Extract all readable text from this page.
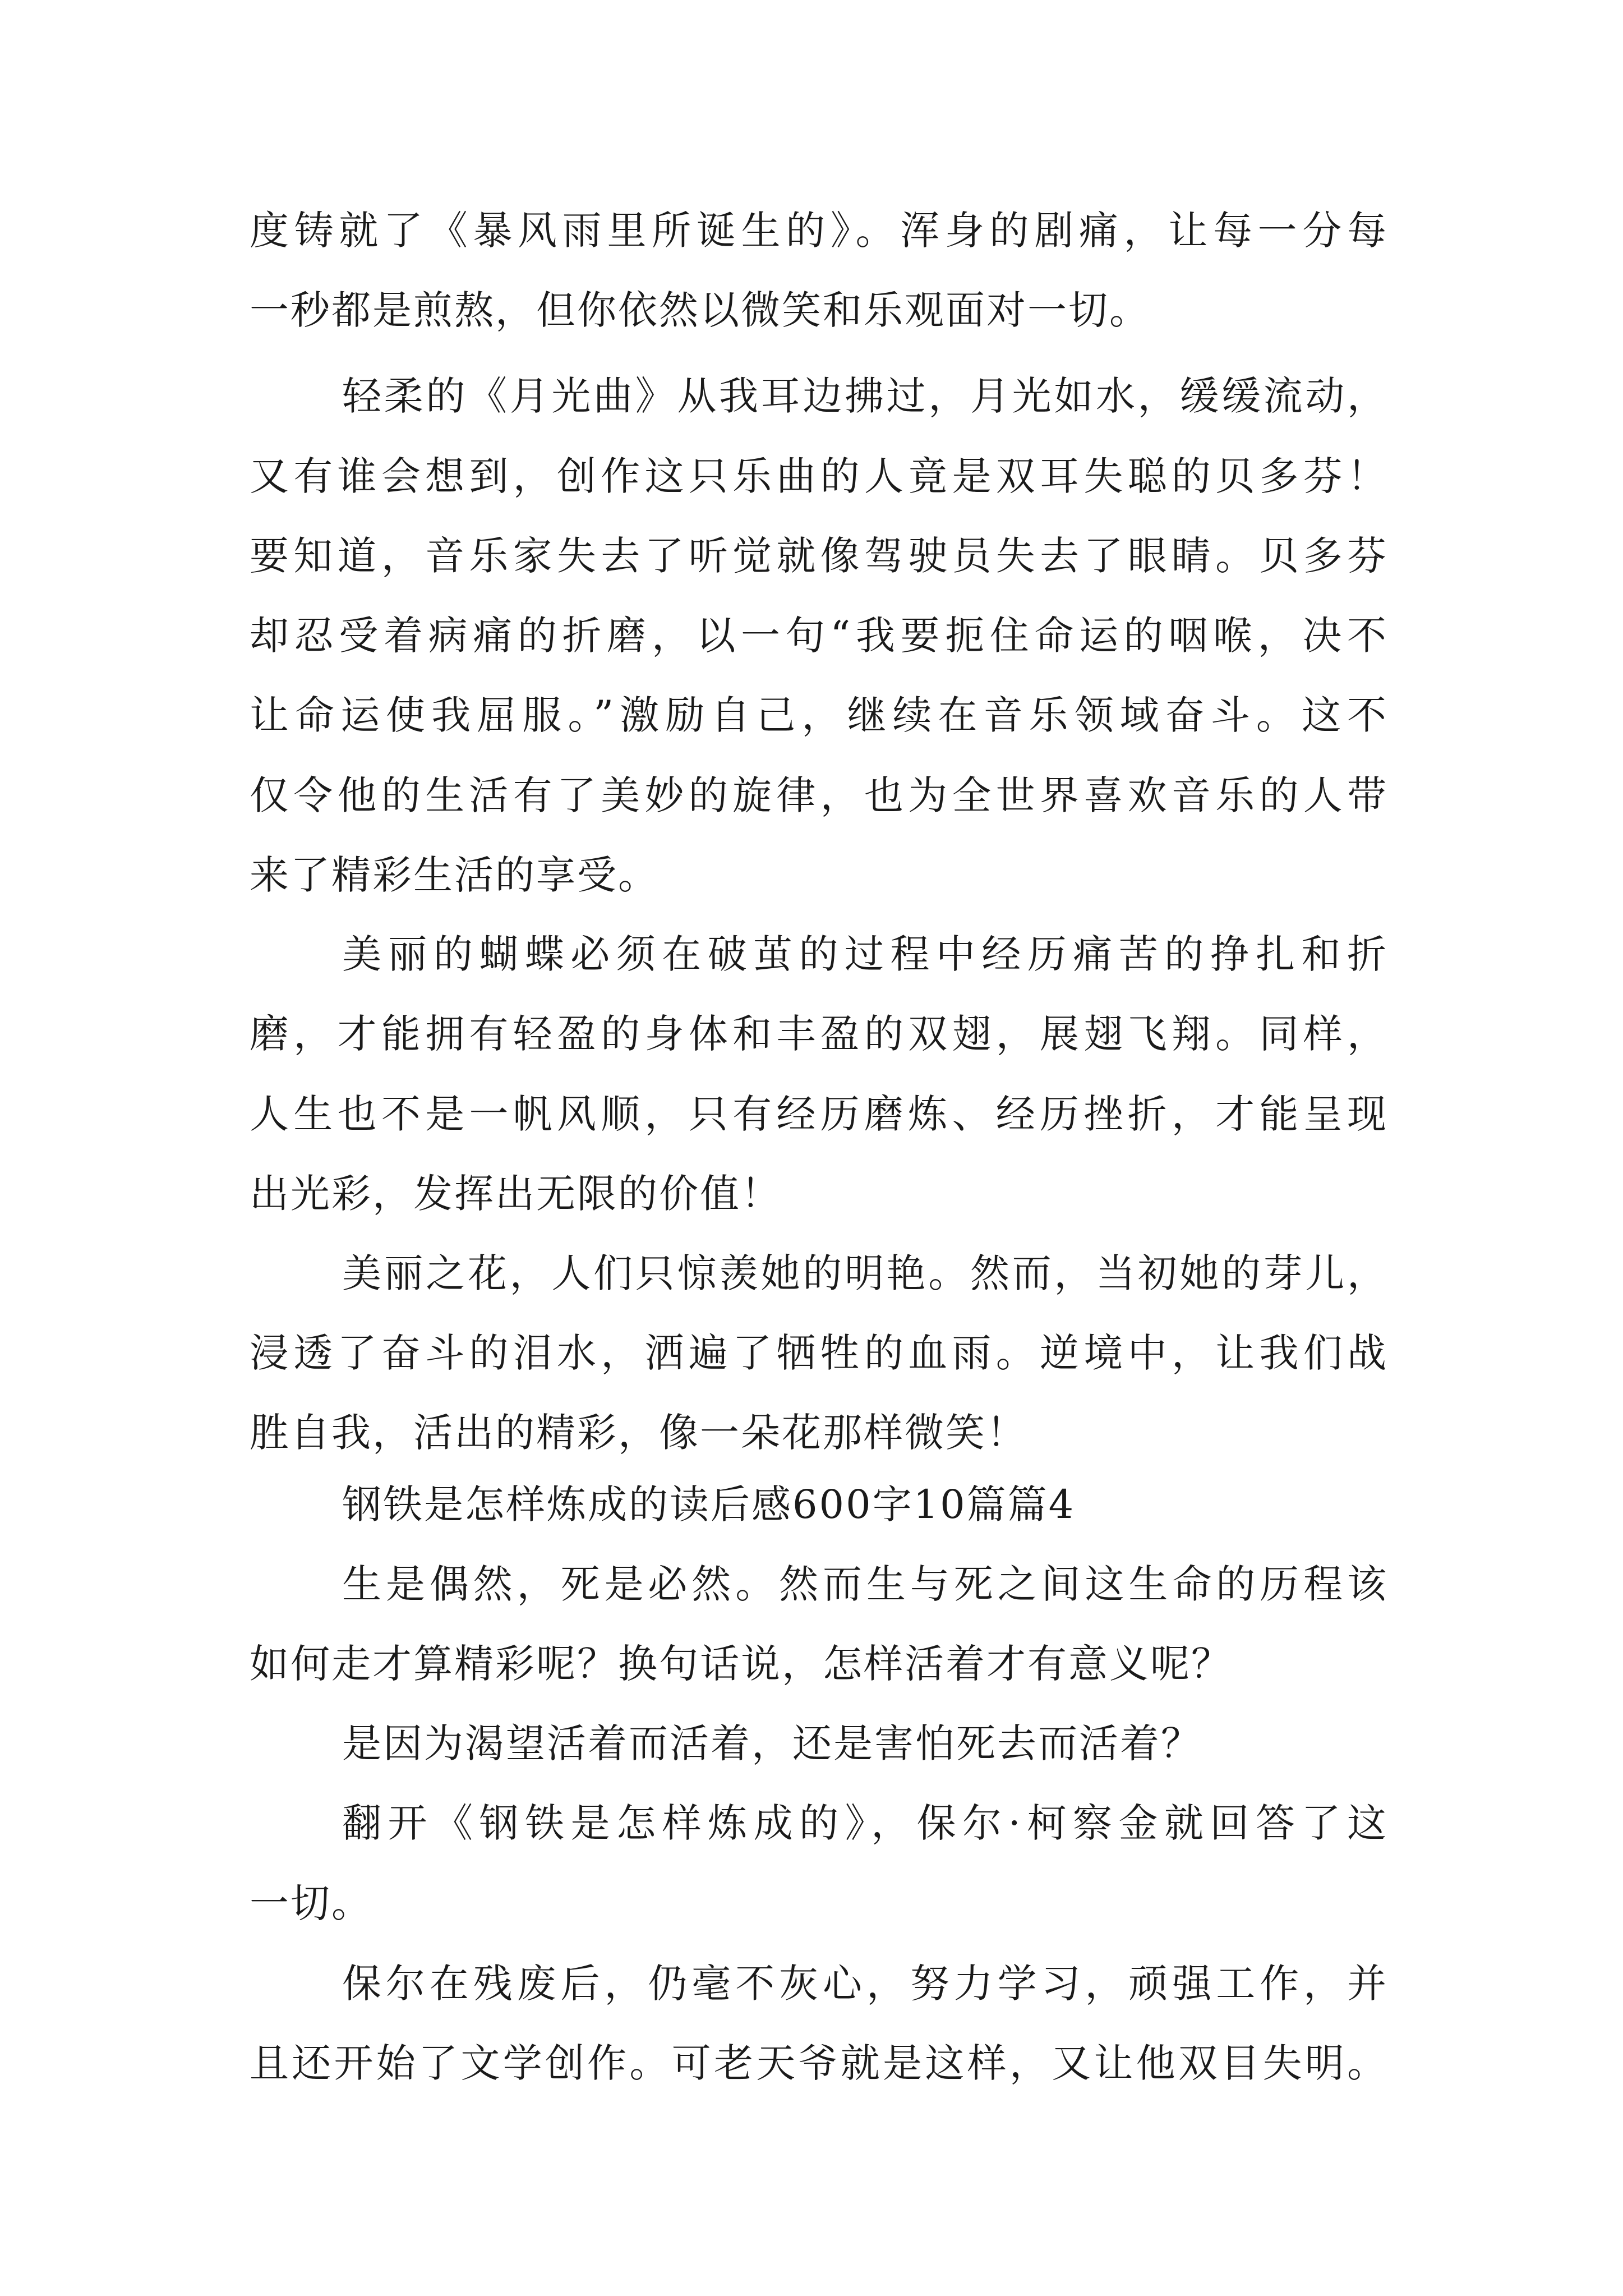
度铸就了《暴风雨里所诞生的》。浑身的剧痛，让每一分每
一秒都是煎熬，但你依然以微笑和乐观面对一切。
轻柔的《月光曲》从我耳边拂过，月光如水，缓缓流动，
又有谁会想到，创作这只乐曲的人竟是双耳失聪的贝多芬！
要知道，音乐家失去了听觉就像驾驶员失去了眼睛。贝多芬
却忍受着病痛的折磨，以一句“我要扼住命运的咽喉，决不
让命运使我屈服。”激励自己，继续在音乐领域奋斗。这不
仅令他的生活有了美妙的旋律，也为全世界喜欢音乐的人带
来了精彩生活的享受。
美丽的蝴蝶必须在破茧的过程中经历痛苦的挣扎和折
磨，才能拥有轻盈的身体和丰盈的双翅，展翅飞翔。同样，
人生也不是一帆风顺，只有经历磨炼、经历挫折，才能呈现
出光彩，发挥出无限的价值！
美丽之花，人们只惊羡她的明艳。然而，当初她的芽儿，
浸透了奋斗的泪水，洒遍了牺牲的血雨。逆境中，让我们战
胜自我，活出的精彩，像一朵花那样微笑！
钢铁是怎样炼成的读后感600字10篇篇4
生是偶然，死是必然。然而生与死之间这生命的历程该
如何走才算精彩呢？换句话说，怎样活着才有意义呢？
是因为渴望活着而活着，还是害怕死去而活着？
翻开《钢铁是怎样炼成的》，保尔·柯察金就回答了这
一切。
保尔在残废后，仍毫不灰心，努力学习，顽强工作，并
且还开始了文学创作。可老天爷就是这样，又让他双目失明。
